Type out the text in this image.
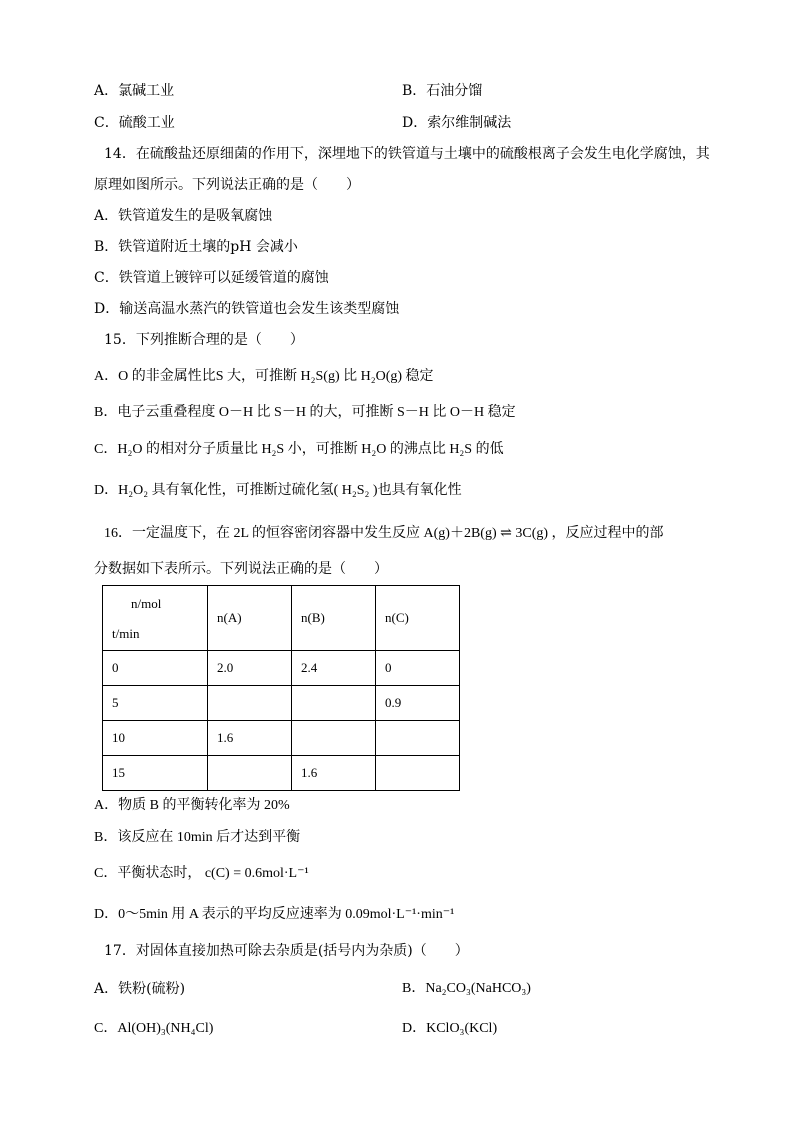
A．氯碱工业	B．石油分馏
C．硫酸工业	D．索尔维制碱法
14．在硫酸盐还原细菌的作用下，深埋地下的铁管道与土壤中的硫酸根离子会发生电化学腐蚀，其
原理如图所示。下列说法正确的是（　　）
A．铁管道发生的是吸氧腐蚀
B．铁管道附近土壤的pH 会减小
C．铁管道上镀锌可以延缓管道的腐蚀
D．输送高温水蒸汽的铁管道也会发生该类型腐蚀
15．下列推断合理的是（　　）
A．O 的非金属性比S 大，可推断 H₂S(g) 比 H₂O(g) 稳定
B．电子云重叠程度 O－H 比 S－H 的大，可推断 S－H 比 O－H 稳定
C．H₂O 的相对分子质量比 H₂S 小，可推断 H₂O 的沸点比 H₂S 的低
D．H₂O₂ 具有氧化性，可推断过硫化氢( H₂S₂ )也具有氧化性
16．一定温度下，在 2L 的恒容密闭容器中发生反应 A(g)＋2B(g) ⇌ 3C(g) ，反应过程中的部
分数据如下表所示。下列说法正确的是（　　）
n/mol
t/min	n(A)	n(B)	n(C)
0	2.0	2.4	0
5			0.9
10	1.6		
15		1.6	
A．物质 B 的平衡转化率为 20%
B．该反应在 10min 后才达到平衡
C．平衡状态时， c(C) = 0.6mol·L⁻¹
D．0～5min 用 A 表示的平均反应速率为 0.09mol·L⁻¹·min⁻¹
17．对固体直接加热可除去杂质是(括号内为杂质)（　　）
A．铁粉(硫粉)	B．Na₂CO₃(NaHCO₃)
C．Al(OH)₃(NH₄Cl)	D．KClO₃(KCl)
